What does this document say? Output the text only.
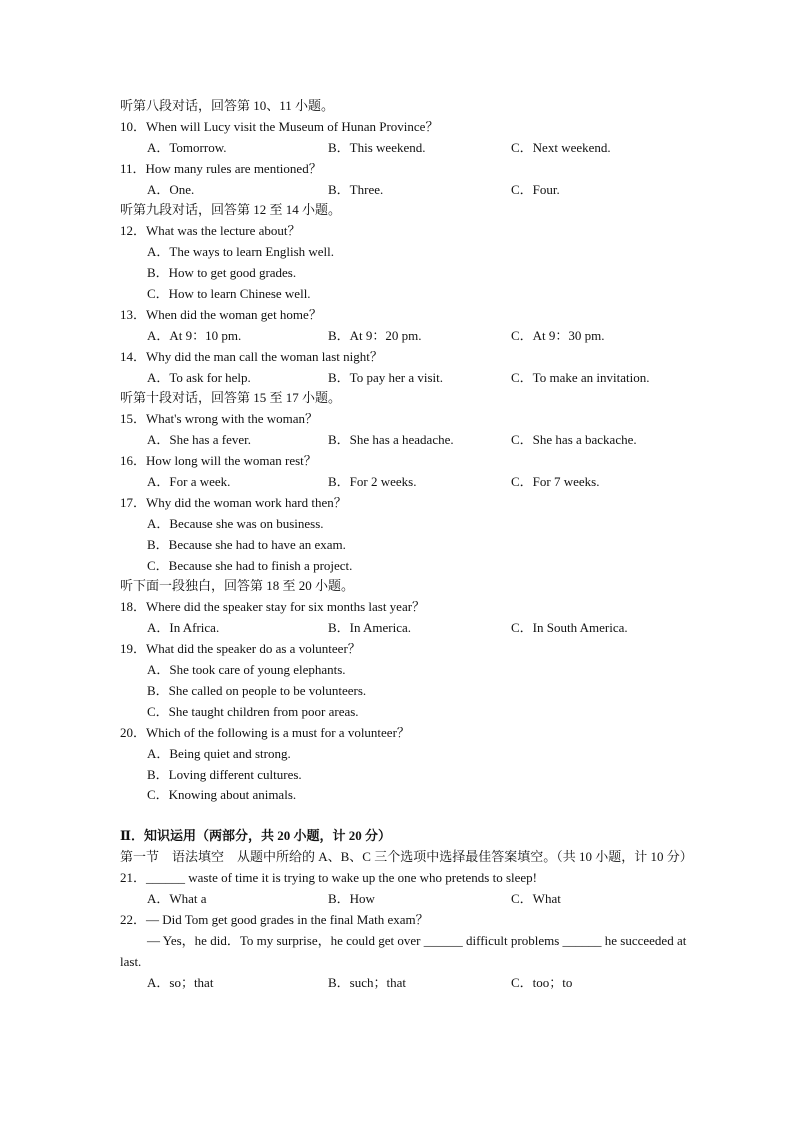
听第八段对话，回答第 10、11 小题。
10．When will Lucy visit the Museum of Hunan Province？
A．Tomorrow.	B．This weekend.	C．Next weekend.
11．How many rules are mentioned？
A．One.	B．Three.	C．Four.
听第九段对话，回答第 12 至 14 小题。
12．What was the lecture about？
A．The ways to learn English well.
B．How to get good grades.
C．How to learn Chinese well.
13．When did the woman get home？
A．At 9：10 pm.	B．At 9：20 pm.	C．At 9：30 pm.
14．Why did the man call the woman last night？
A．To ask for help.	B．To pay her a visit.	C．To make an invitation.
听第十段对话，回答第 15 至 17 小题。
15．What's wrong with the woman？
A．She has a fever.	B．She has a headache.	C．She has a backache.
16．How long will the woman rest？
A．For a week.	B．For 2 weeks.	C．For 7 weeks.
17．Why did the woman work hard then？
A．Because she was on business.
B．Because she had to have an exam.
C．Because she had to finish a project.
听下面一段独白，回答第 18 至 20 小题。
18．Where did the speaker stay for six months last year？
A．In Africa.	B．In America.	C．In South America.
19．What did the speaker do as a volunteer？
A．She took care of young elephants.
B．She called on people to be volunteers.
C．She taught children from poor areas.
20．Which of the following is a must for a volunteer？
A．Being quiet and strong.
B．Loving different cultures.
C．Knowing about animals.
Ⅱ．知识运用（两部分，共 20 小题，计 20 分）
第一节　语法填空　从题中所给的 A、B、C 三个选项中选择最佳答案填空。（共 10 小题，计 10 分）
21．______ waste of time it is trying to wake up the one who pretends to sleep!
A．What a	B．How	C．What
22．— Did Tom get good grades in the final Math exam？
— Yes，he did．To my surprise，he could get over ______ difficult problems ______ he succeeded at last.
A．so；that	B．such；that	C．too；to
